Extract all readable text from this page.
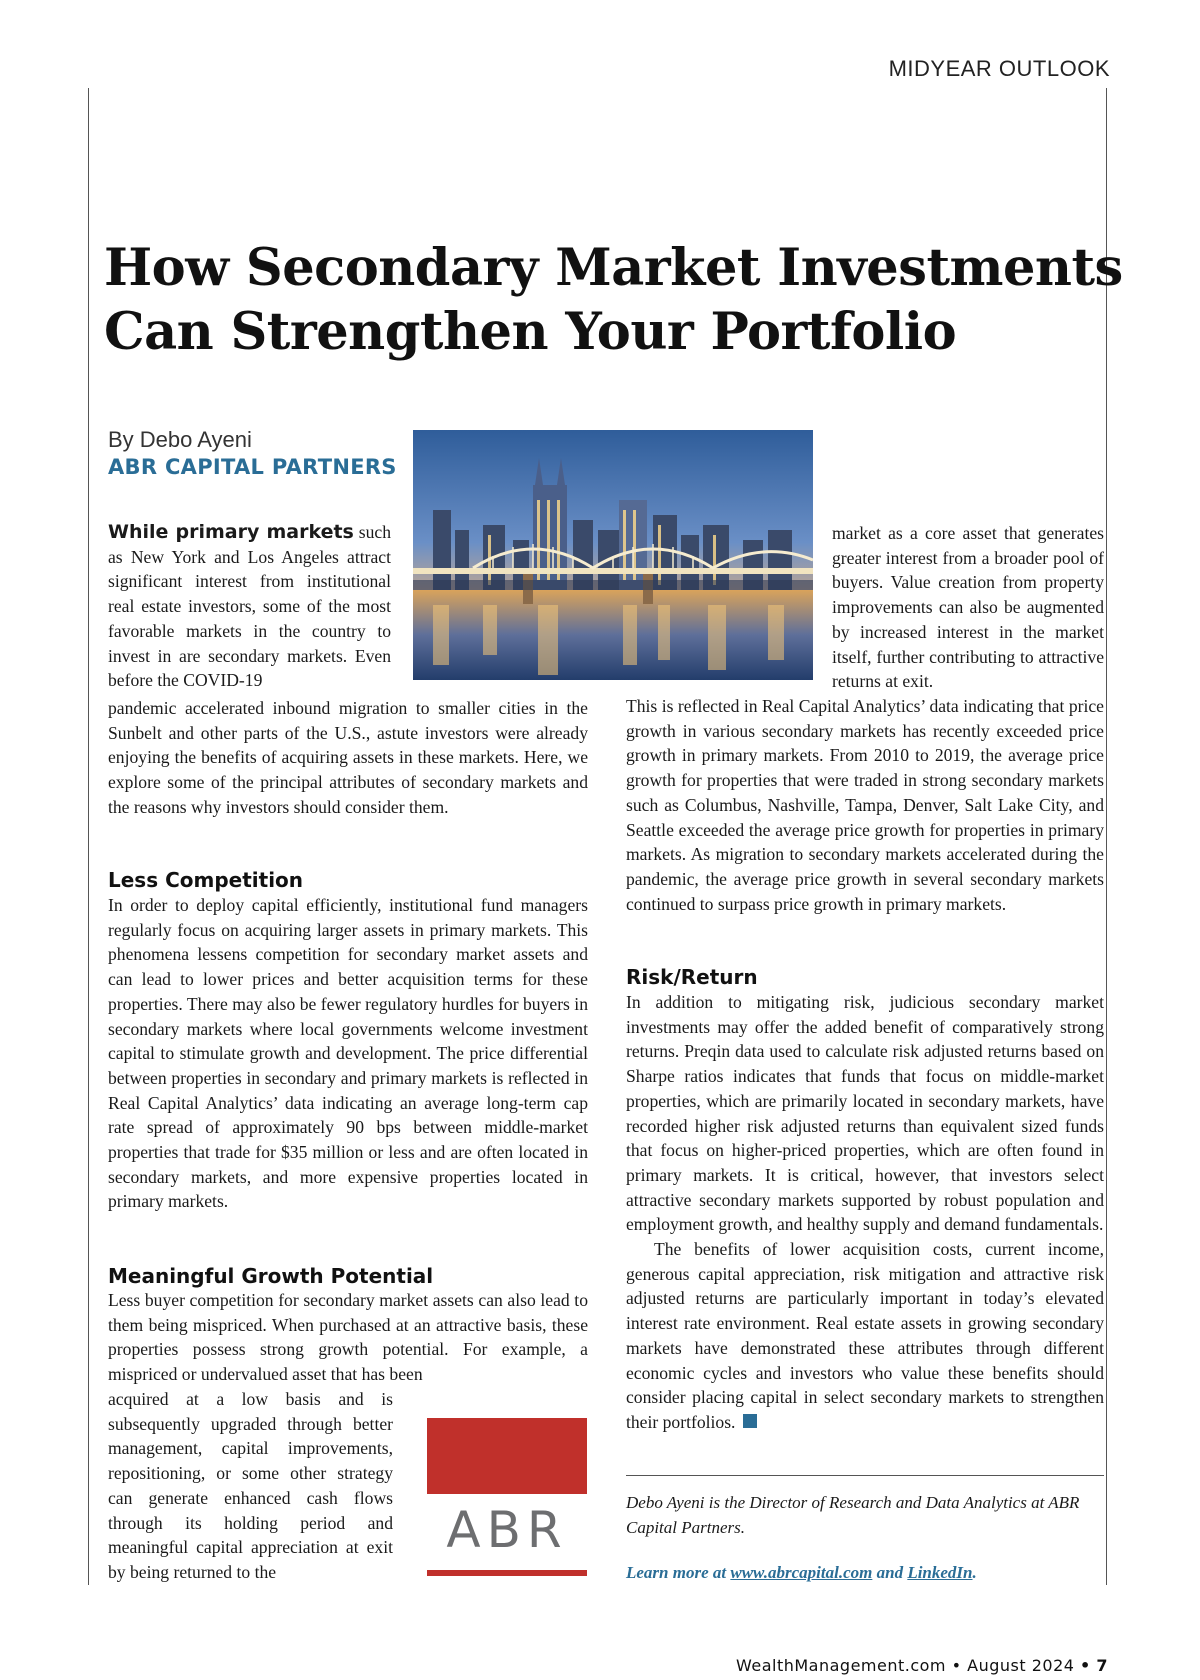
MIDYEAR OUTLOOK
How Secondary Market Investments Can Strengthen Your Portfolio
By Debo Ayeni
ABR CAPITAL PARTNERS
While primary markets such as New York and Los Angeles attract significant interest from institutional real estate investors, some of the most favorable markets in the country to invest in are secondary markets. Even before the COVID-19
pandemic accelerated inbound migration to smaller cities in the Sunbelt and other parts of the U.S., astute investors were already enjoying the benefits of acquiring assets in these markets. Here, we explore some of the principal attributes of secondary markets and the reasons why investors should consider them.
Less Competition
In order to deploy capital efficiently, institutional fund managers regularly focus on acquiring larger assets in primary markets. This phenomena lessens competition for secondary market assets and can lead to lower prices and better acquisition terms for these properties. There may also be fewer regulatory hurdles for buyers in secondary markets where local governments welcome investment capital to stimulate growth and development. The price differential between properties in secondary and primary markets is reflected in Real Capital Analytics’ data indicating an average long-term cap rate spread of approximately 90 bps between middle-market properties that trade for $35 million or less and are often located in secondary markets, and more expensive properties located in primary markets.
Meaningful Growth Potential
Less buyer competition for secondary market assets can also lead to them being mispriced. When purchased at an attractive basis, these properties possess strong growth potential. For example, a mispriced or undervalued asset that has been
acquired at a low basis and is subsequently upgraded through better management, capital improvements, repositioning, or some other strategy can generate enhanced cash flows through its holding period and meaningful capital appreciation at exit by being returned to the
ABR
market as a core asset that generates greater interest from a broader pool of buyers. Value creation from property improvements can also be augmented by increased interest in the market itself, further contributing to attractive returns at exit.
This is reflected in Real Capital Analytics’ data indicating that price growth in various secondary markets has recently exceeded price growth in primary markets. From 2010 to 2019, the average price growth for properties that were traded in strong secondary markets such as Columbus, Nashville, Tampa, Denver, Salt Lake City, and Seattle exceeded the average price growth for properties in primary markets. As migration to secondary markets accelerated during the pandemic, the average price growth in several secondary markets continued to surpass price growth in primary markets.
Risk/Return

In addition to mitigating risk, judicious secondary market investments may offer the added benefit of comparatively strong returns. Preqin data used to calculate risk adjusted returns based on Sharpe ratios indicates that funds that focus on middle-market properties, which are primarily located in secondary markets, have recorded higher risk adjusted returns than equivalent sized funds that focus on higher-priced properties, which are often found in primary markets. It is critical, however, that investors select attractive secondary markets supported by robust population and employment growth, and healthy supply and demand fundamentals.

The benefits of lower acquisition costs, current income, generous capital appreciation, risk mitigation and attractive risk adjusted returns are particularly important in today’s elevated interest rate environment. Real estate assets in growing secondary markets have demonstrated these attributes through different economic cycles and investors who value these benefits should consider placing capital in select secondary markets to strengthen their portfolios.

Debo Ayeni is the Director of Research and Data Analytics at ABR Capital Partners.
Learn more at www.abrcapital.com and LinkedIn.
WealthManagement.com • August 2024 • 7
